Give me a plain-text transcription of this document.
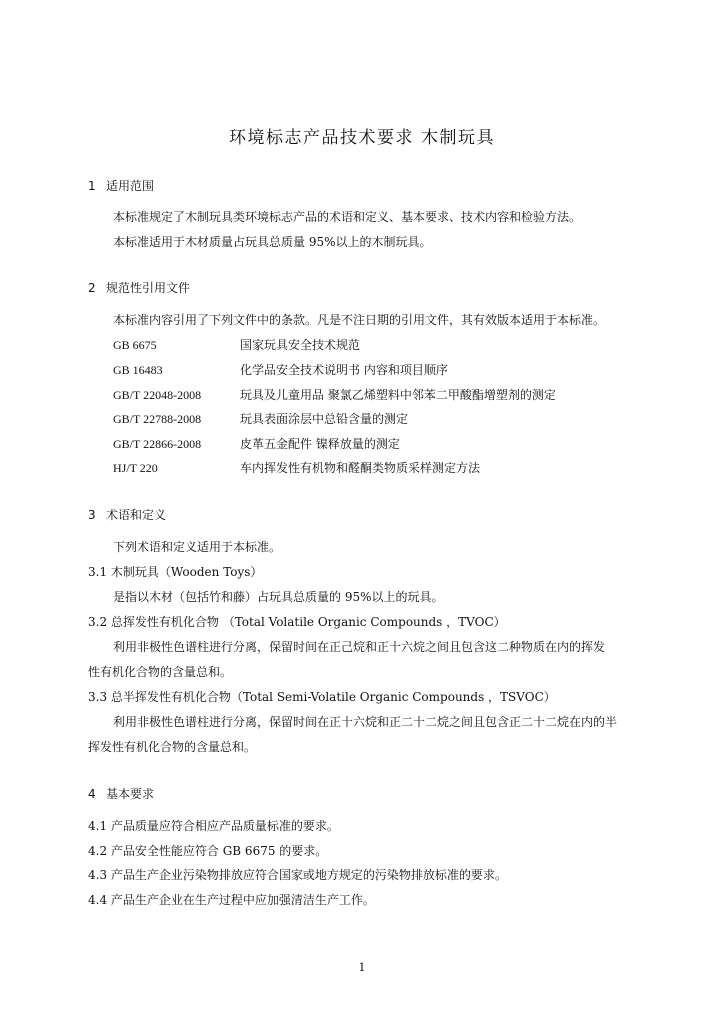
环境标志产品技术要求 木制玩具
1 适用范围
本标准规定了木制玩具类环境标志产品的术语和定义、基本要求、技术内容和检验方法。
本标准适用于木材质量占玩具总质量 95%以上的木制玩具。
2 规范性引用文件
本标准内容引用了下列文件中的条款。凡是不注日期的引用文件，其有效版本适用于本标准。
GB 6675	国家玩具安全技术规范
GB 16483	化学品安全技术说明书 内容和项目顺序
GB/T 22048-2008	玩具及儿童用品 聚氯乙烯塑料中邻苯二甲酸酯增塑剂的测定
GB/T 22788-2008	玩具表面涂层中总铅含量的测定
GB/T 22866-2008	皮革五金配件 镍释放量的测定
HJ/T 220	车内挥发性有机物和醛酮类物质采样测定方法
3 术语和定义
下列术语和定义适用于本标准。
3.1 木制玩具（Wooden Toys）
是指以木材（包括竹和藤）占玩具总质量的 95%以上的玩具。
3.2 总挥发性有机化合物 （Total Volatile Organic Compounds ，TVOC）
利用非极性色谱柱进行分离，保留时间在正己烷和正十六烷之间且包含这二种物质在内的挥发
性有机化合物的含量总和。
3.3 总半挥发性有机化合物（Total Semi-Volatile Organic Compounds ，TSVOC）
利用非极性色谱柱进行分离，保留时间在正十六烷和正二十二烷之间且包含正二十二烷在内的半
挥发性有机化合物的含量总和。
4 基本要求
4.1 产品质量应符合相应产品质量标准的要求。
4.2 产品安全性能应符合 GB 6675 的要求。
4.3 产品生产企业污染物排放应符合国家或地方规定的污染物排放标准的要求。
4.4 产品生产企业在生产过程中应加强清洁生产工作。
1
